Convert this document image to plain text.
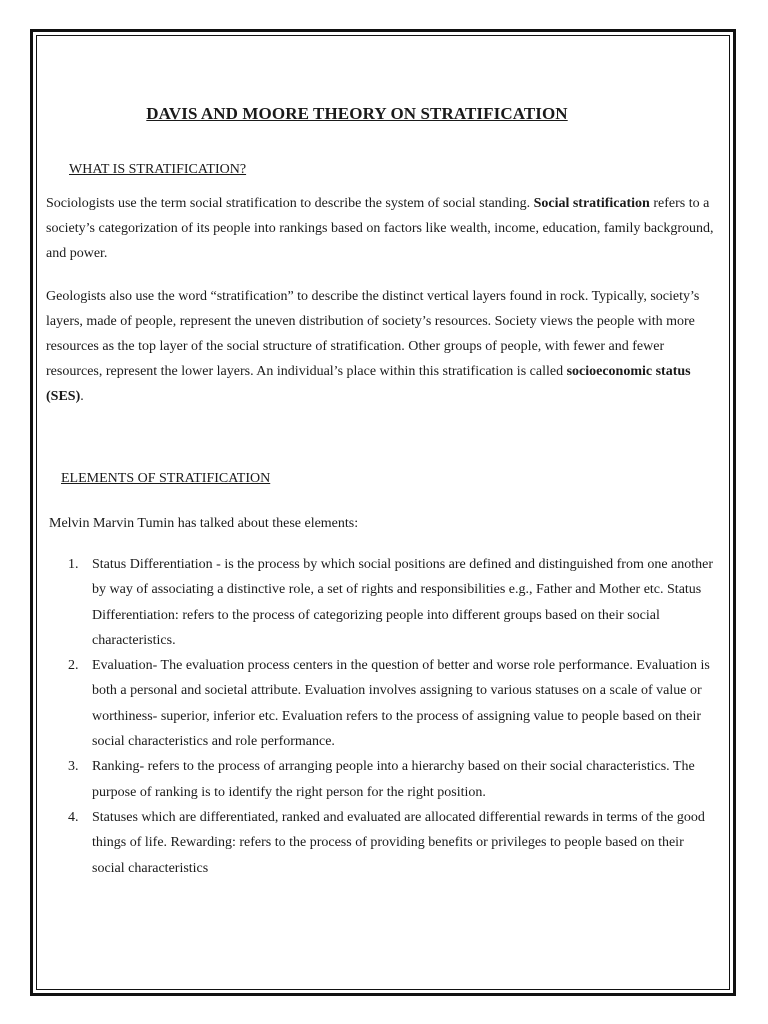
DAVIS AND MOORE THEORY ON STRATIFICATION
WHAT IS STRATIFICATION?

Sociologists use the term social stratification to describe the system of social standing. Social stratification refers to a society’s categorization of its people into rankings based on factors like wealth, income, education, family background, and power.

Geologists also use the word “stratification” to describe the distinct vertical layers found in rock. Typically, society’s layers, made of people, represent the uneven distribution of society’s resources. Society views the people with more resources as the top layer of the social structure of stratification. Other groups of people, with fewer and fewer resources, represent the lower layers. An individual’s place within this stratification is called socioeconomic status (SES).

ELEMENTS OF STRATIFICATION

Melvin Marvin Tumin has talked about these elements:

1. Status Differentiation - is the process by which social positions are defined and distinguished from one another by way of associating a distinctive role, a set of rights and responsibilities e.g., Father and Mother etc. Status Differentiation: refers to the process of categorizing people into different groups based on their social characteristics.
2. Evaluation- The evaluation process centers in the question of better and worse role performance. Evaluation is both a personal and societal attribute. Evaluation involves assigning to various statuses on a scale of value or worthiness- superior, inferior etc. Evaluation refers to the process of assigning value to people based on their social characteristics and role performance.
3. Ranking- refers to the process of arranging people into a hierarchy based on their social characteristics. The purpose of ranking is to identify the right person for the right position.
4. Statuses which are differentiated, ranked and evaluated are allocated differential rewards in terms of the good things of life. Rewarding: refers to the process of providing benefits or privileges to people based on their social characteristics
